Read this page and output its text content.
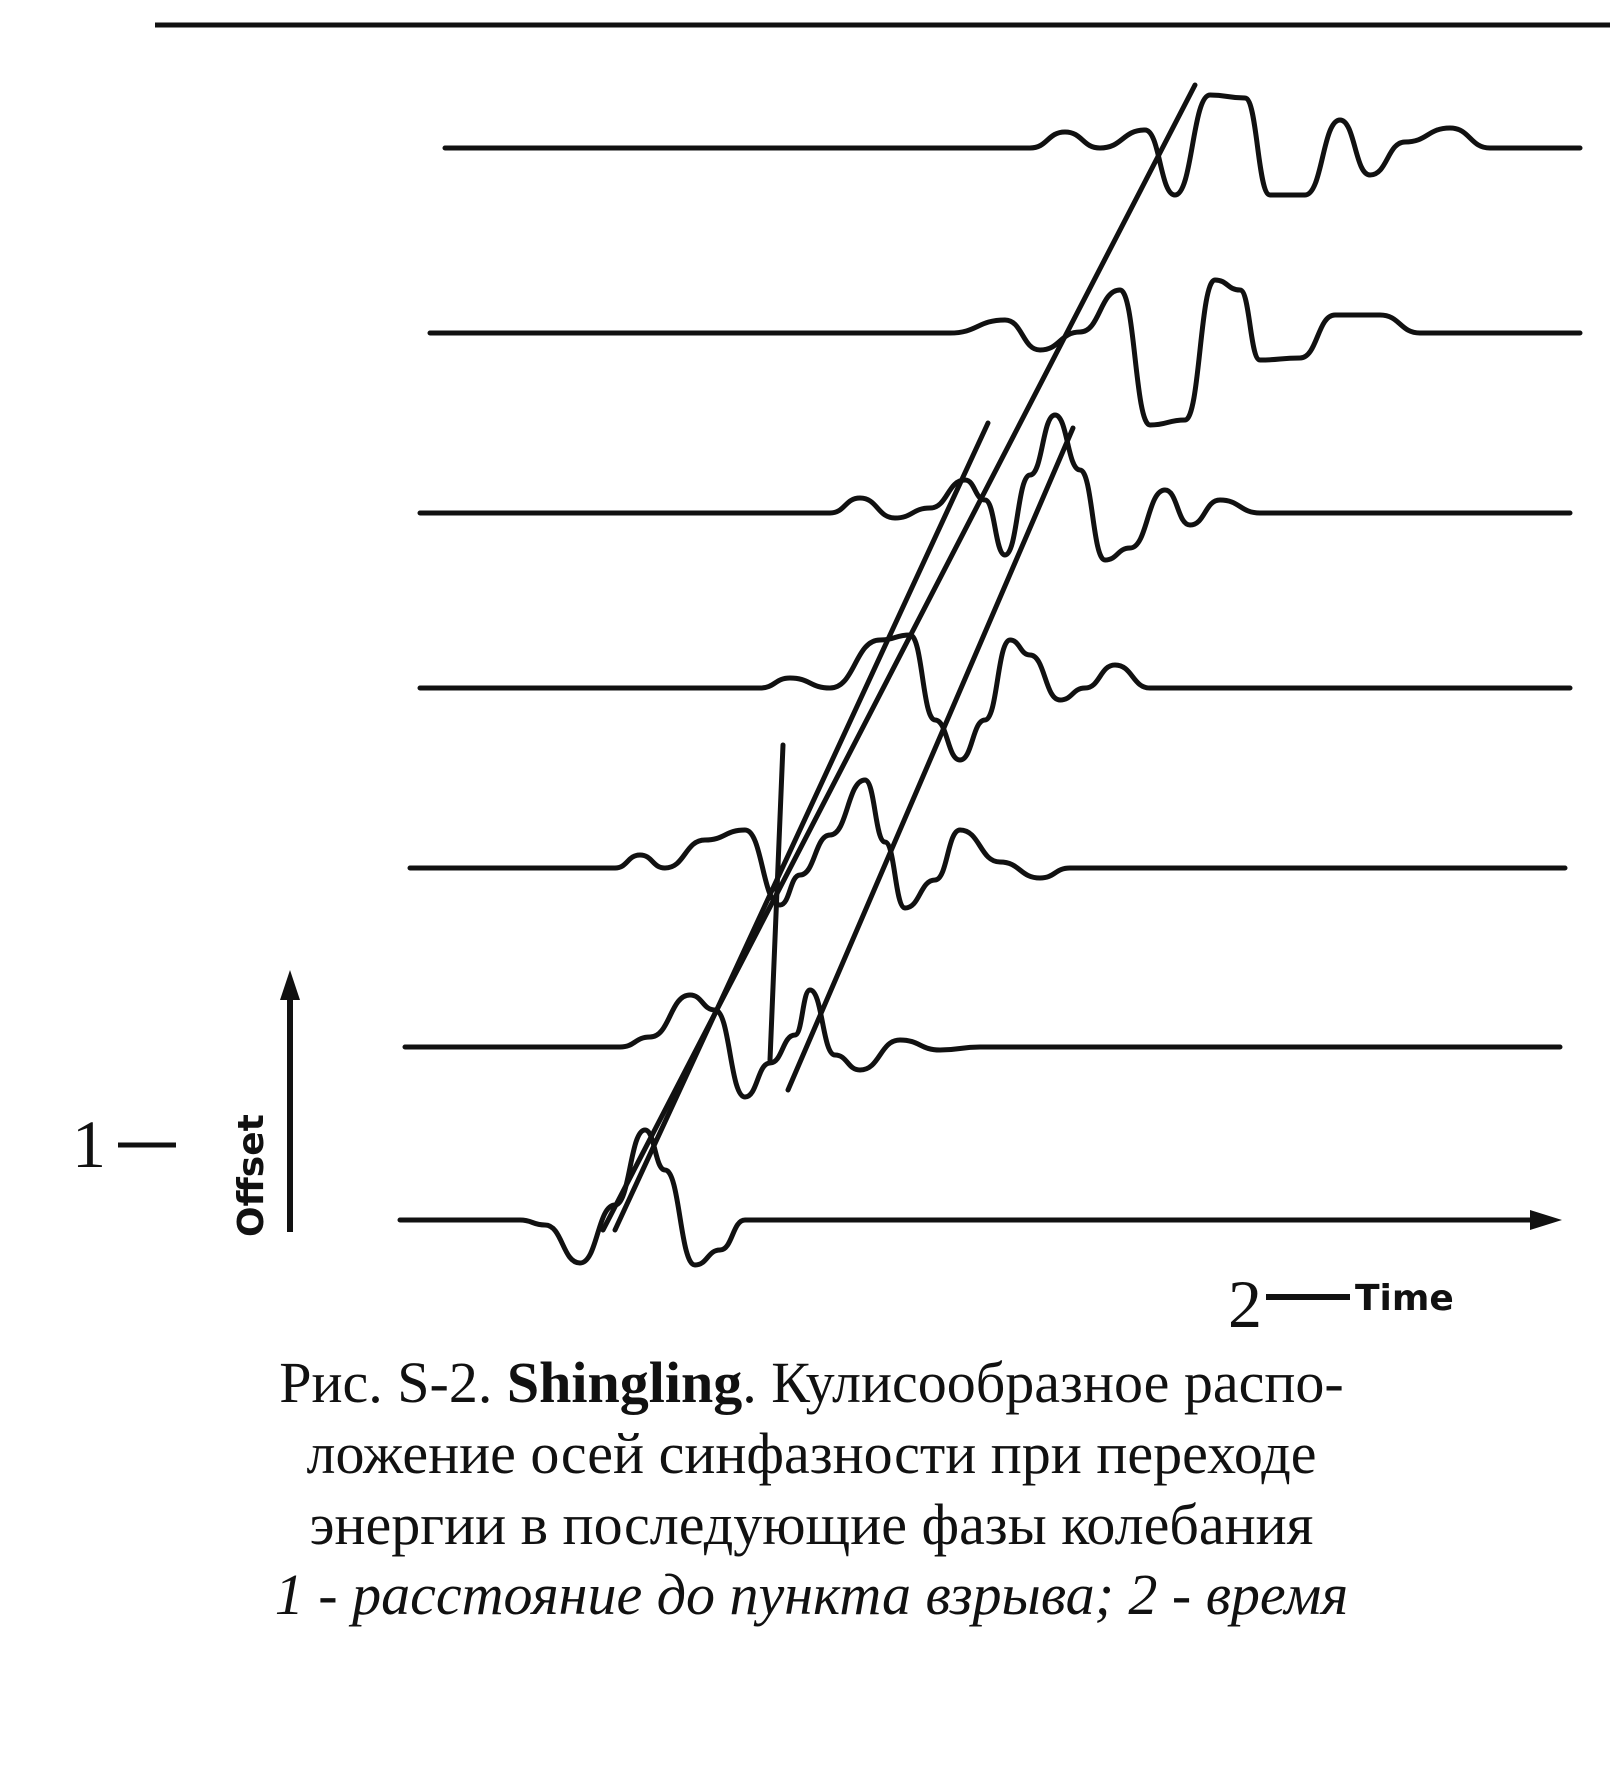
Offset
1
2	Time
Рис. S-2. Shingling. Кулисообразное распо-
ложение осей синфазности при переходе
энергии в последующие фазы колебания
1 - расстояние до пункта взрыва; 2 - время
